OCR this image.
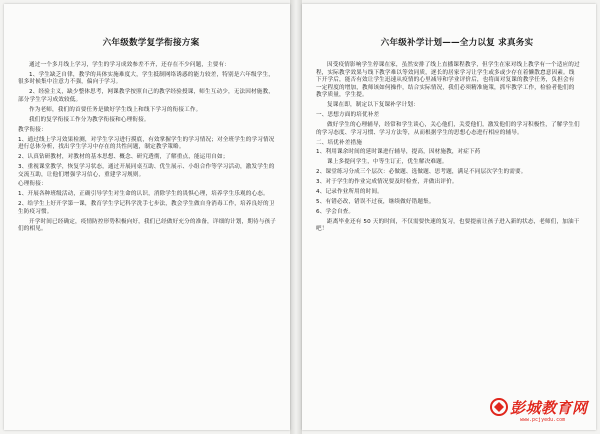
六年级数学复学衔接方案
通过一个多月线上学习，学生的学习成效参差不齐，还存在不少问题，主要有：
1、学生缺乏自律，教学的具体实施难度大，学生抵制网络诱惑的能力较差，特别是六年级学生，很多时候集中注意力不强，偏向于学习。
2、经验主义，缺少整体思考，网课教学按照自己的教学经验授课，师生互动少，无法因材施教，部分学生学习成效较低。
作为老师，我们的首要任务是做好学生线上和线下学习的衔接工作。
我们的复学衔接工作分为教学衔接和心理衔接。
教学衔接：
1、通过线上学习效果检测，对学生学习进行摸底，有效掌握学生的学习情况；对全班学生的学习情况进行总体分析，找出学生学习中存在的共性问题，制定教学策略。
2、认真钻研教材，对教材的基本思想、概念、研究透彻，了解重点，能运用自如；
3、重视课堂教学，恢复学习状态，通过开展同桌互助、优生展示、小组合作等学习活动，激发学生的交流互助，让他们增强学习信心，重建学习规则。
心理衔接：
1、开展各种班级活动，正确引导学生对生命的认识，消除学生的畏惧心理，培养学生乐观的心态。
2、给学生上好开学第一课，教育学生学记科学洗手七步法，教会学生做自身消毒工作，培养良好的卫生防疫习惯。
开学时间已经确定，疫情防控形势积极向好，我们已经做好充分的准备，详细的计划，期待与孩子们的相见。
六年级补学计划——全力以复 求真务实
因受疫情影响学生停课在家，虽然安排了线上直播课程教学，但学生在家对线上教学有一个适应的过程，实际教学效果与线下教学难以等效同质，逐长的居家学习让学生或多或少存在着懒散怠意因素。线下开学后，能否有效让学生迅速从疫情的心里减导和学业评价后，也将面对复课的教学任务，负担会有一定程度的增加，教师该如何操作，结合实际情况，我们必须精准施策，抓牢教学工作，检验者他们的教学质量，学生提。
复课在即，制定以下复课补学计划：
一、思想方面的培优补差
做好学生的心理辅导，经常和学生谈心，关心他们，关爱他们，激发他们的学习积极性，了解学生们的学习态度、学习习惯、学习方法等，从而根据学生的思想心态进行相应的辅导。
二、培优补差措施
1、利用课余时间的延时课进行辅导，提高，因材施教，对症下药
课上多提问学生，中等生订正，优生解决难题。
2、课堂练习分成三个层次：必做题、选做题、思考题，满足不同层次学生的需要。
3、对于学生的作业完成情况要及时检查，并做出评价。
4、记录作业所用的时间。
5、有错必改，错误不过夜，继续做好错题集。
6、学会自查。
距离毕业还有 50 天的时间，不仅需要快速的复习，也要提前让孩子进入新的状态，老师们，加油干吧！
彭城教育网
www.pcjyedu.com
